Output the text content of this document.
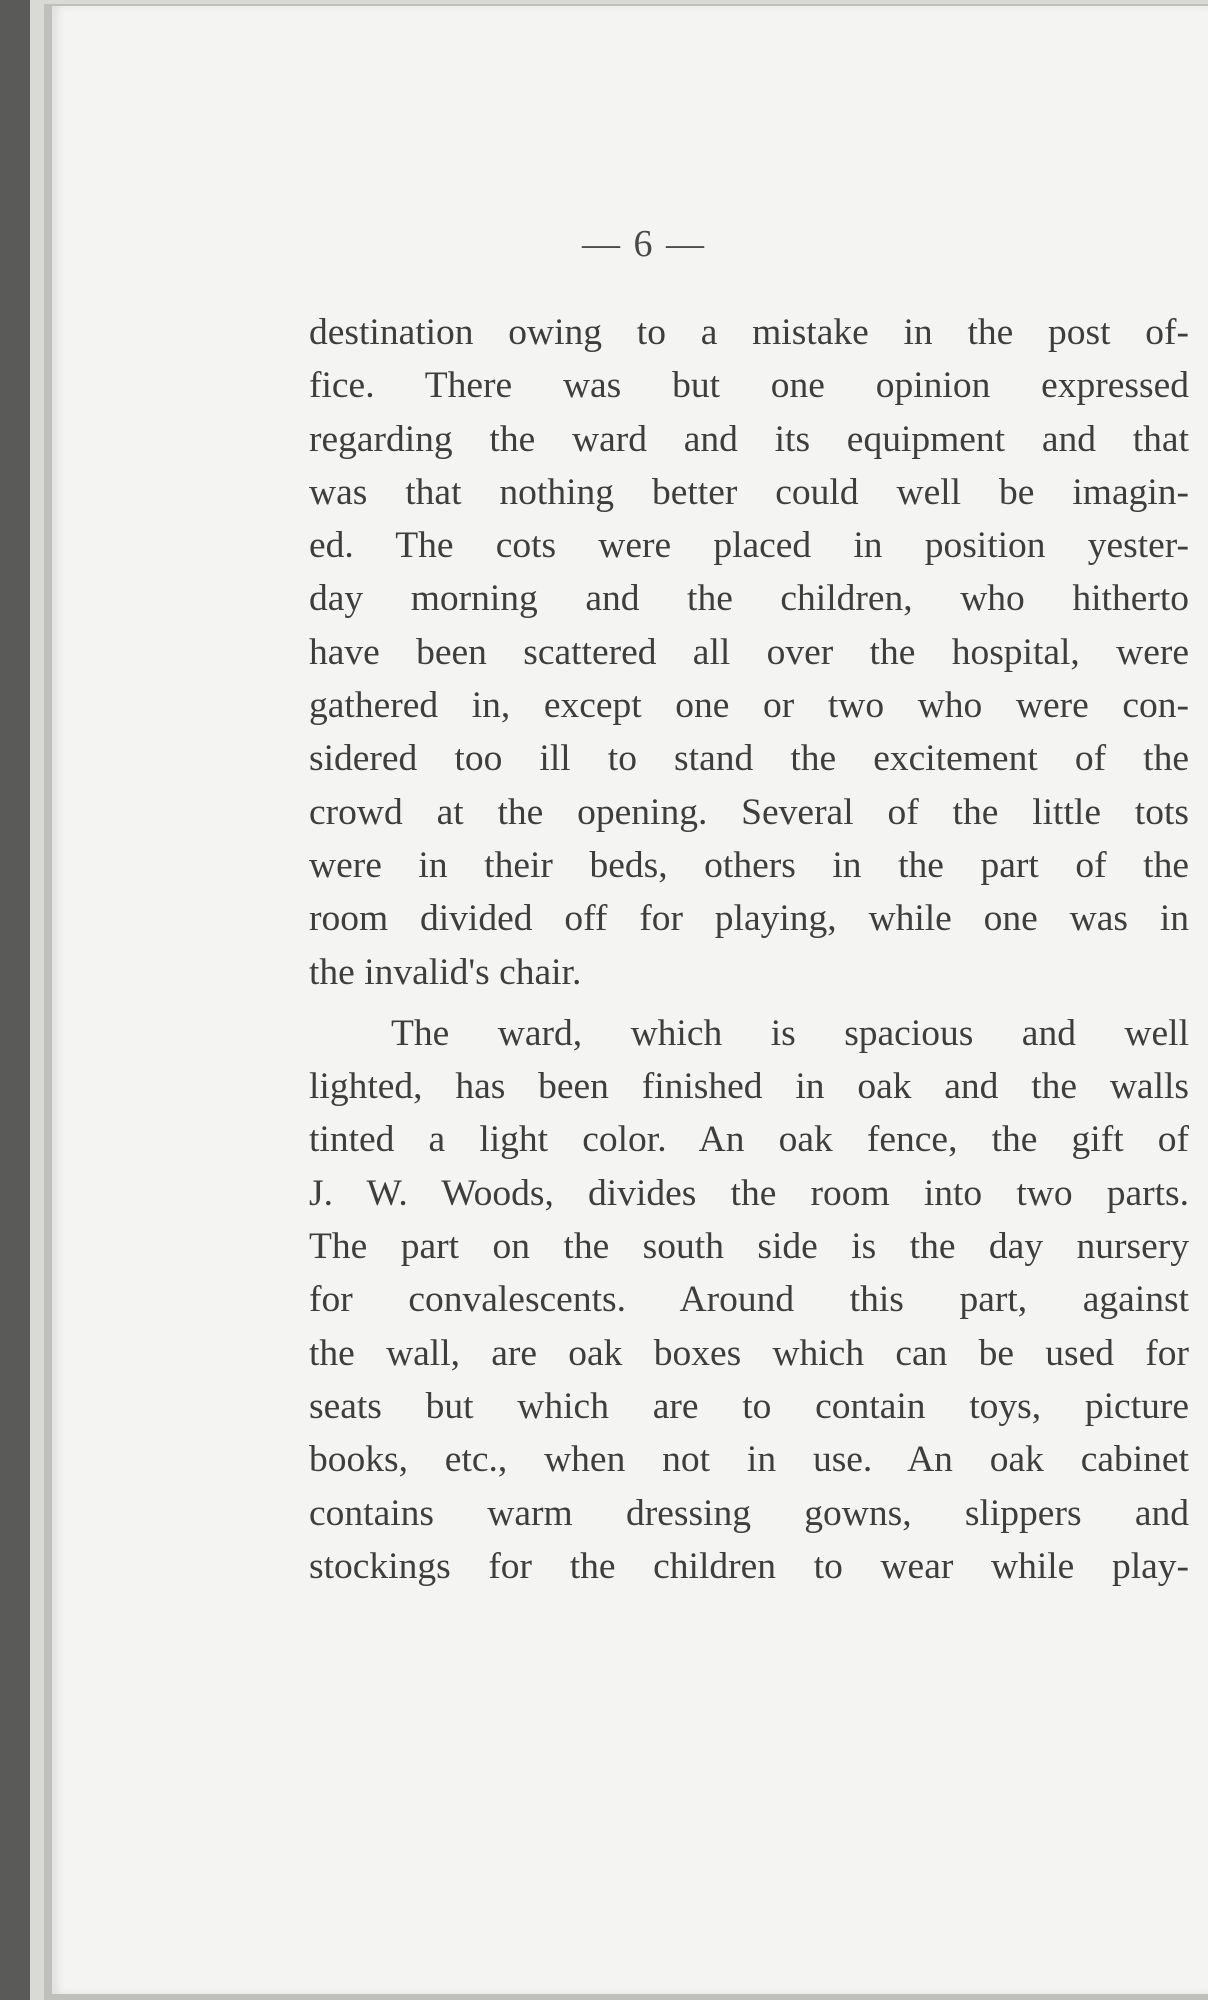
— 6 —
destination owing to a mistake in the post of-
fice. There was but one opinion expressed
regarding the ward and its equipment and that
was that nothing better could well be imagin-
ed. The cots were placed in position yester-
day morning and the children, who hitherto
have been scattered all over the hospital, were
gathered in, except one or two who were con-
sidered too ill to stand the excitement of the
crowd at the opening. Several of the little tots
were in their beds, others in the part of the
room divided off for playing, while one was in
the invalid's chair.
The ward, which is spacious and well
lighted, has been finished in oak and the walls
tinted a light color. An oak fence, the gift of
J. W. Woods, divides the room into two parts.
The part on the south side is the day nursery
for convalescents. Around this part, against
the wall, are oak boxes which can be used for
seats but which are to contain toys, picture
books, etc., when not in use. An oak cabinet
contains warm dressing gowns, slippers and
stockings for the children to wear while play-
